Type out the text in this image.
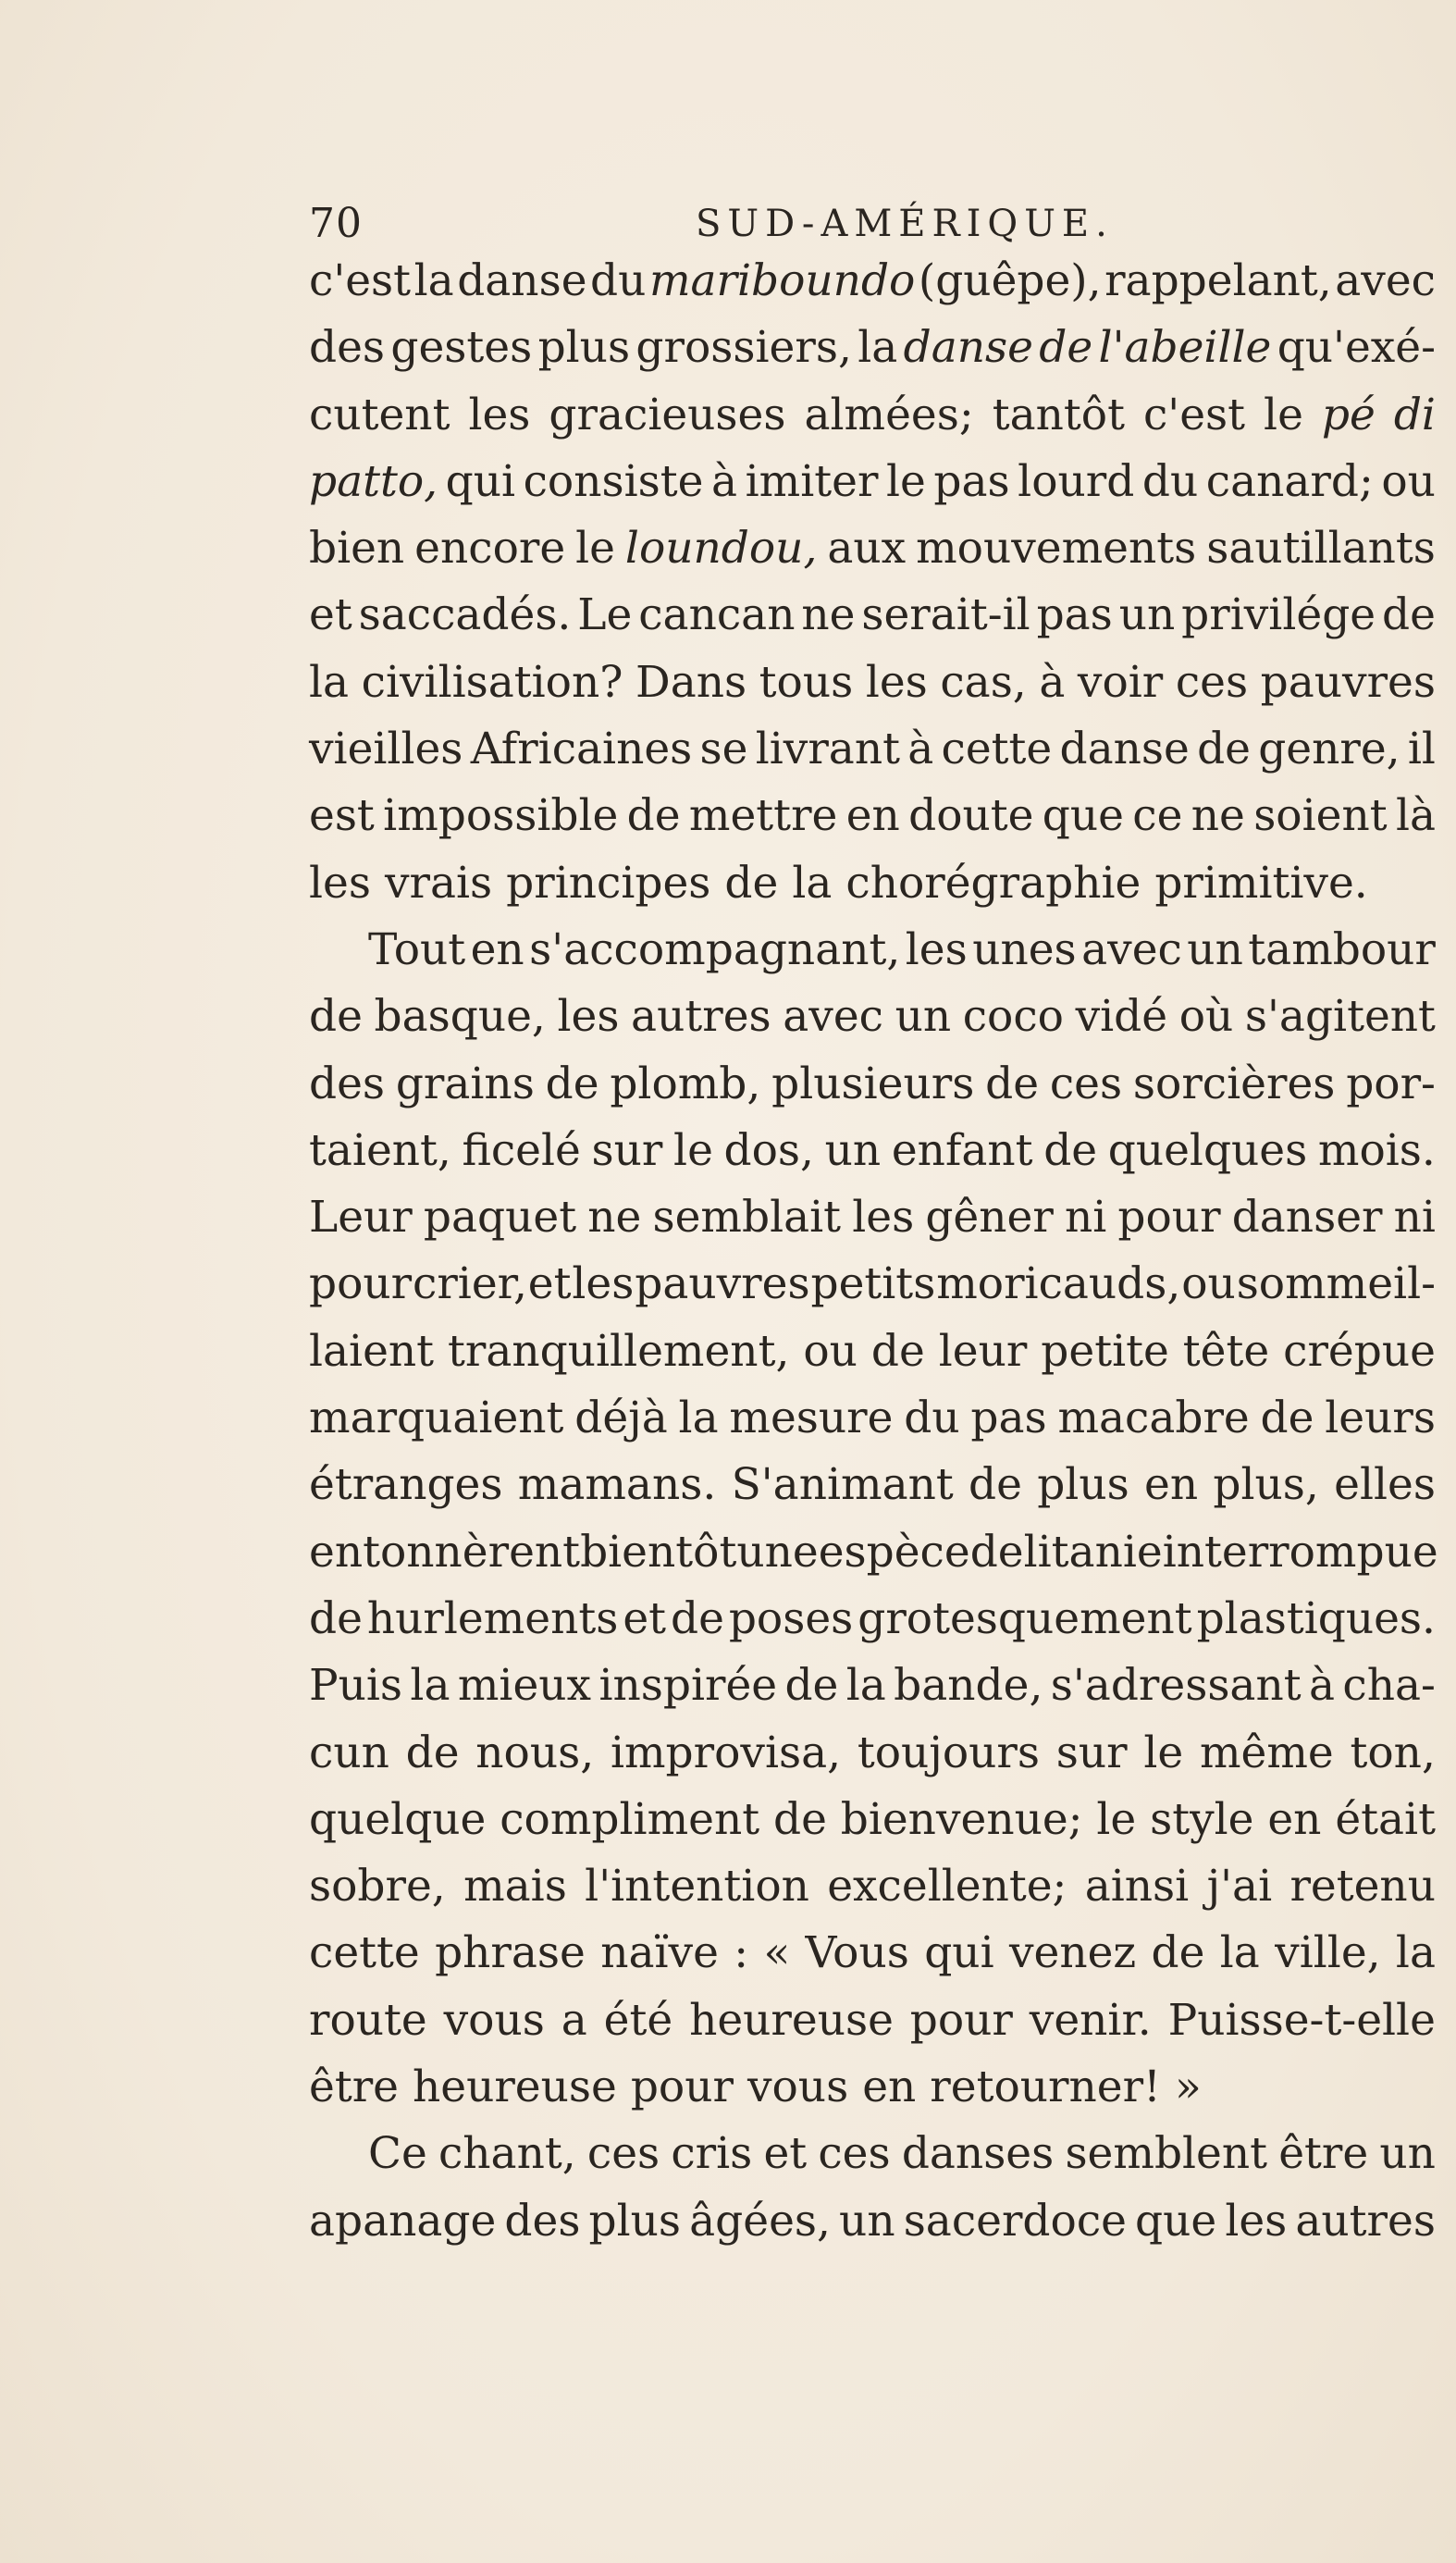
70	SUD-AMÉRIQUE.
c'est la danse du maribоundo (guêpe), rappelant, avec
des gestes plus grossiers, la danse de l'abeille qu'exé-
cutent les gracieuses almées; tantôt c'est le pé di
patto, qui consiste à imiter le pas lourd du canard; ou
bien encore le loundou, aux mouvements sautillants
et saccadés. Le cancan ne serait-il pas un privilége de
la civilisation? Dans tous les cas, à voir ces pauvres
vieilles Africaines se livrant à cette danse de genre, il
est impossible de mettre en doute que ce ne soient là
les vrais principes de la chorégraphie primitive.
Tout en s'accompagnant, les unes avec un tambour
de basque, les autres avec un coco vidé où s'agitent
des grains de plomb, plusieurs de ces sorcières por-
taient, ficelé sur le dos, un enfant de quelques mois.
Leur paquet ne semblait les gêner ni pour danser ni
pour crier, et les pauvres petits moricauds, ou sommeil-
laient tranquillement, ou de leur petite tête crépue
marquaient déjà la mesure du pas macabre de leurs
étranges mamans. S'animant de plus en plus, elles
entonnèrent bientôt une espèce de litanie interrompue
de hurlements et de poses grotesquement plastiques.
Puis la mieux inspirée de la bande, s'adressant à cha-
cun de nous, improvisa, toujours sur le même ton,
quelque compliment de bienvenue; le style en était
sobre, mais l'intention excellente; ainsi j'ai retenu
cette phrase naïve : « Vous qui venez de la ville, la
route vous a été heureuse pour venir. Puisse-t-elle
être heureuse pour vous en retourner! »
Ce chant, ces cris et ces danses semblent être un
apanage des plus âgées, un sacerdoce que les autres
